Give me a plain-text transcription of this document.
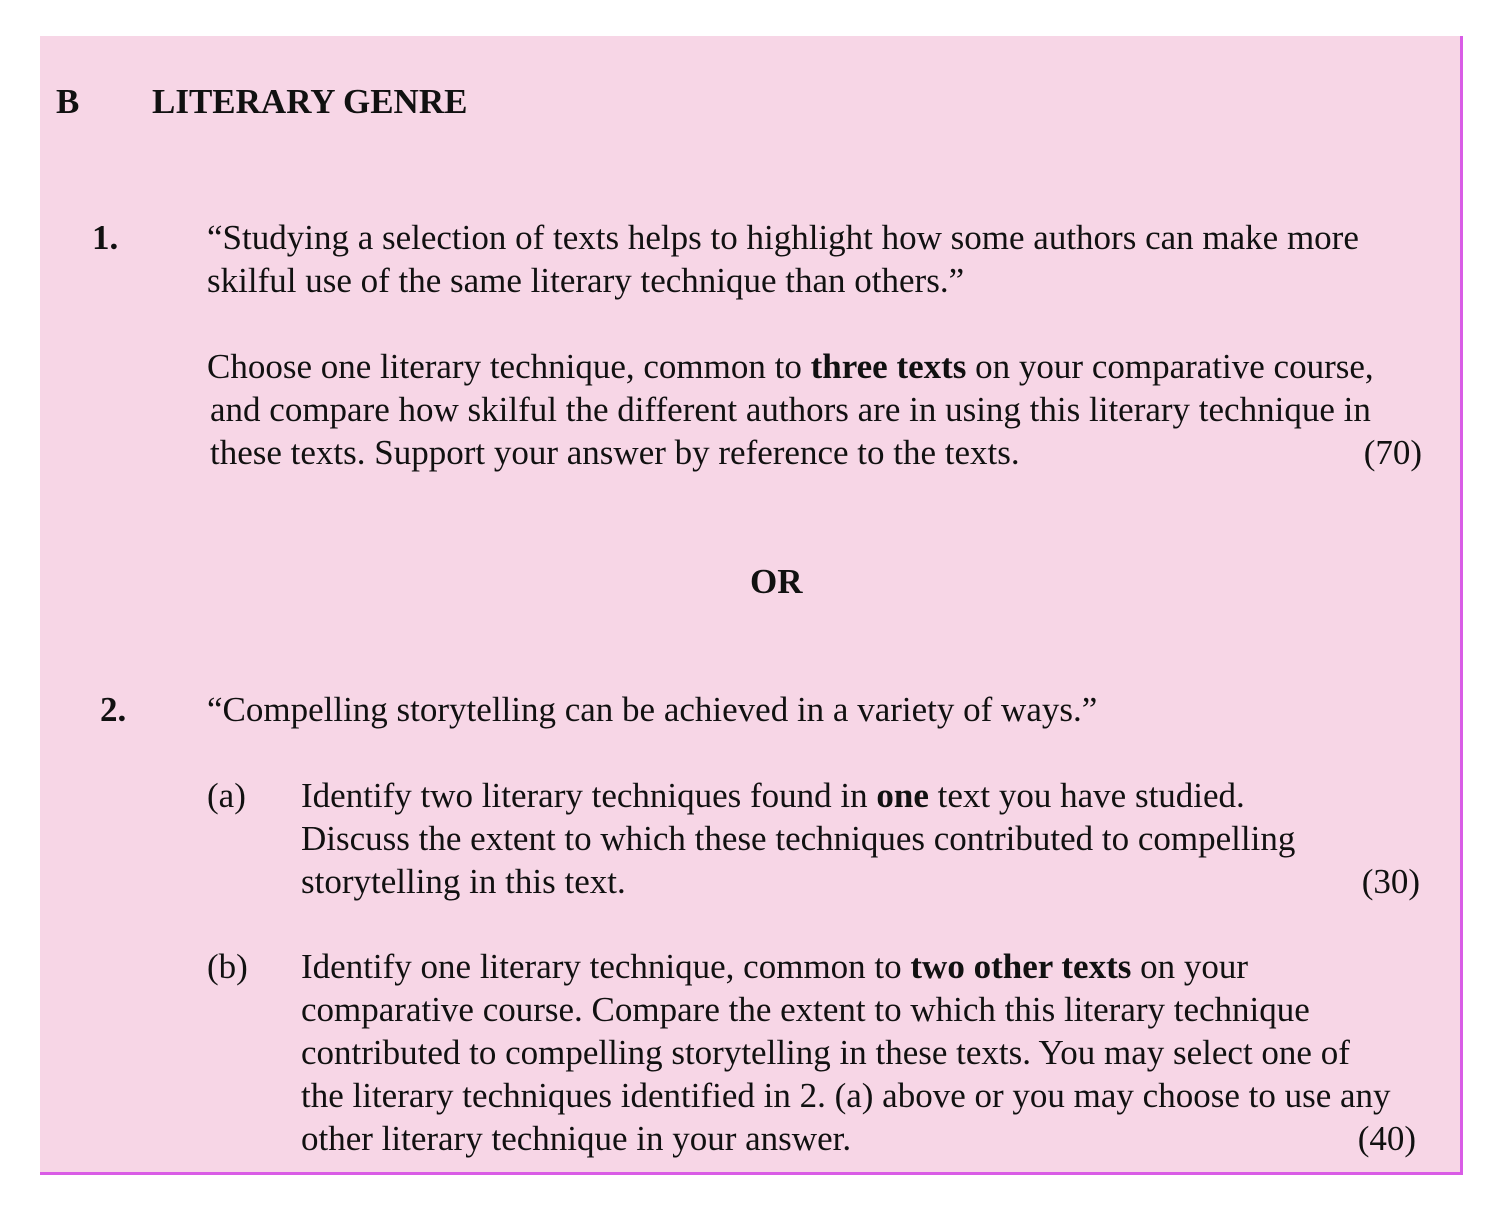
B LITERARY GENRE
1.	“Studying a selection of texts helps to highlight how some authors can make more
skilful use of the same literary technique than others.”
Choose one literary technique, common to three texts on your comparative course,
and compare how skilful the different authors are in using this literary technique in
these texts. Support your answer by reference to the texts.	(70)
OR
2. “Compelling storytelling can be achieved in a variety of ways.”
(a) Identify two literary techniques found in one text you have studied.
Discuss the extent to which these techniques contributed to compelling
storytelling in this text.	(30)
(b) Identify one literary technique, common to two other texts on your
comparative course. Compare the extent to which this literary technique
contributed to compelling storytelling in these texts. You may select one of
the literary techniques identified in 2. (a) above or you may choose to use any
other literary technique in your answer.	(40)
